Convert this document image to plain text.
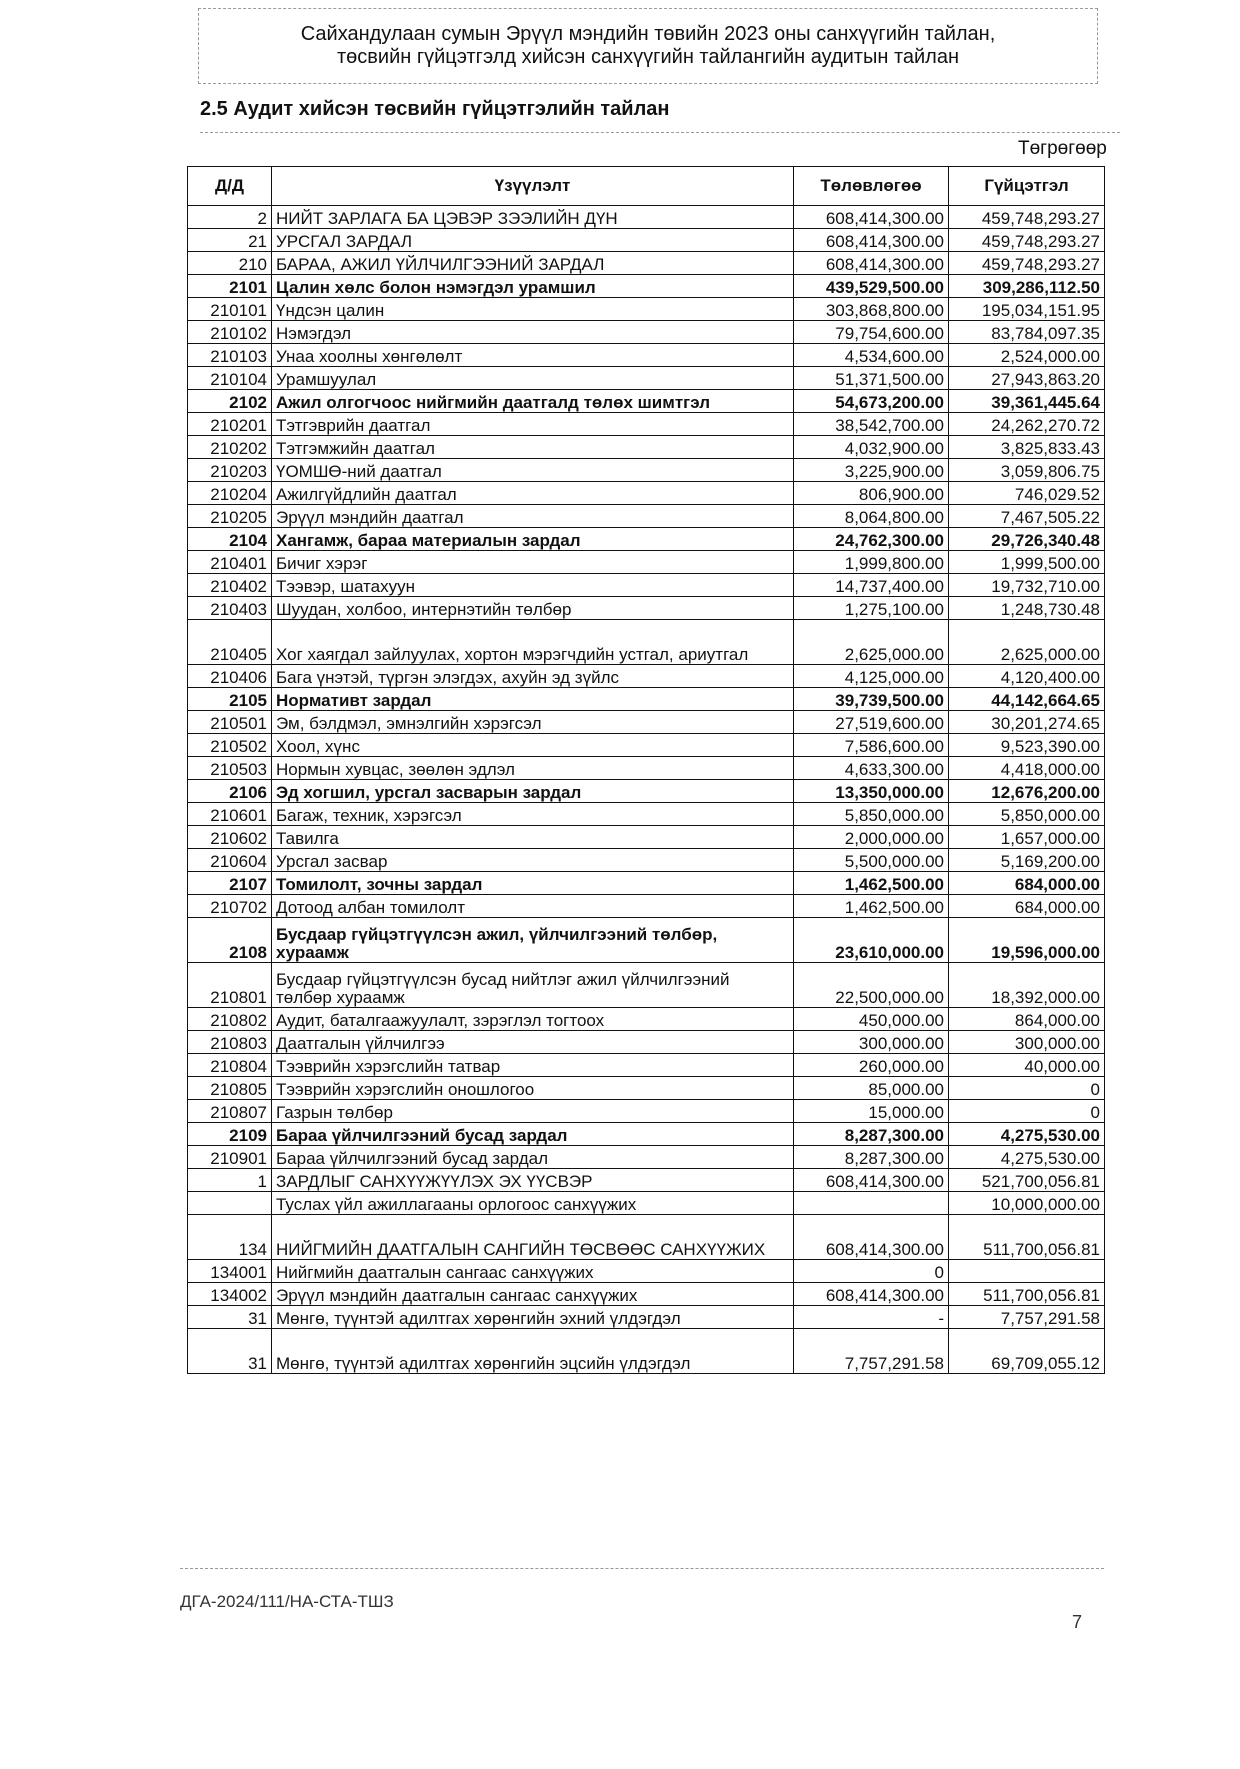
Сайхандулаан сумын Эрүүл мэндийн төвийн 2023 оны санхүүгийн тайлан,
төсвийн гүйцэтгэлд хийсэн санхүүгийн тайлангийн аудитын тайлан
2.5 Аудит хийсэн төсвийн гүйцэтгэлийн тайлан
Төгрөгөөр
Д/Д	Үзүүлэлт	Төлөвлөгөө	Гүйцэтгэл
2	НИЙТ ЗАРЛАГА БА ЦЭВЭР ЗЭЭЛИЙН ДҮН	608,414,300.00	459,748,293.27
21	УРСГАЛ ЗАРДАЛ	608,414,300.00	459,748,293.27
210	БАРАА, АЖИЛ ҮЙЛЧИЛГЭЭНИЙ ЗАРДАЛ	608,414,300.00	459,748,293.27
2101	Цалин хөлс болон нэмэгдэл урамшил	439,529,500.00	309,286,112.50
210101	Үндсэн цалин	303,868,800.00	195,034,151.95
210102	Нэмэгдэл	79,754,600.00	83,784,097.35
210103	Унаа хоолны хөнгөлөлт	4,534,600.00	2,524,000.00
210104	Урамшуулал	51,371,500.00	27,943,863.20
2102	Ажил олгогчоос нийгмийн даатгалд төлөх шимтгэл	54,673,200.00	39,361,445.64
210201	Тэтгэврийн даатгал	38,542,700.00	24,262,270.72
210202	Тэтгэмжийн даатгал	4,032,900.00	3,825,833.43
210203	ҮОМШӨ-ний даатгал	3,225,900.00	3,059,806.75
210204	Ажилгүйдлийн даатгал	806,900.00	746,029.52
210205	Эрүүл мэндийн даатгал	8,064,800.00	7,467,505.22
2104	Хангамж, бараа материалын зардал	24,762,300.00	29,726,340.48
210401	Бичиг хэрэг	1,999,800.00	1,999,500.00
210402	Тээвэр, шатахуун	14,737,400.00	19,732,710.00
210403	Шуудан, холбоо, интернэтийн төлбөр	1,275,100.00	1,248,730.48
210405	Хог хаягдал зайлуулах, хортон мэрэгчдийн устгал, ариутгал	2,625,000.00	2,625,000.00
210406	Бага үнэтэй, түргэн элэгдэх, ахуйн эд зүйлс	4,125,000.00	4,120,400.00
2105	Нормативт зардал	39,739,500.00	44,142,664.65
210501	Эм, бэлдмэл, эмнэлгийн хэрэгсэл	27,519,600.00	30,201,274.65
210502	Хоол, хүнс	7,586,600.00	9,523,390.00
210503	Нормын хувцас, зөөлөн эдлэл	4,633,300.00	4,418,000.00
2106	Эд хогшил, урсгал засварын зардал	13,350,000.00	12,676,200.00
210601	Багаж, техник, хэрэгсэл	5,850,000.00	5,850,000.00
210602	Тавилга	2,000,000.00	1,657,000.00
210604	Урсгал засвар	5,500,000.00	5,169,200.00
2107	Томилолт, зочны зардал	1,462,500.00	684,000.00
210702	Дотоод албан томилолт	1,462,500.00	684,000.00
2108	Бусдаар гүйцэтгүүлсэн ажил, үйлчилгээний төлбөр, хураамж	23,610,000.00	19,596,000.00
210801	Бусдаар гүйцэтгүүлсэн бусад нийтлэг ажил үйлчилгээний төлбөр хураамж	22,500,000.00	18,392,000.00
210802	Аудит, баталгаажуулалт, зэрэглэл тогтоох	450,000.00	864,000.00
210803	Даатгалын үйлчилгээ	300,000.00	300,000.00
210804	Тээврийн хэрэгслийн татвар	260,000.00	40,000.00
210805	Тээврийн хэрэгслийн оношлогоо	85,000.00	0
210807	Газрын төлбөр	15,000.00	0
2109	Бараа үйлчилгээний бусад зардал	8,287,300.00	4,275,530.00
210901	Бараа үйлчилгээний бусад зардал	8,287,300.00	4,275,530.00
1	ЗАРДЛЫГ САНХҮҮЖҮҮЛЭХ ЭХ ҮҮСВЭР	608,414,300.00	521,700,056.81
	Туслах үйл ажиллагааны орлогоос санхүүжих		10,000,000.00
134	НИЙГМИЙН ДААТГАЛЫН САНГИЙН ТӨСВӨӨС САНХҮҮЖИХ	608,414,300.00	511,700,056.81
134001	Нийгмийн даатгалын сангаас санхүүжих	0	
134002	Эрүүл мэндийн даатгалын сангаас санхүүжих	608,414,300.00	511,700,056.81
31	Мөнгө, түүнтэй адилтгах хөрөнгийн эхний үлдэгдэл	-	7,757,291.58
31	Мөнгө, түүнтэй адилтгах хөрөнгийн эцсийн үлдэгдэл	7,757,291.58	69,709,055.12
ДГА-2024/111/НА-СТА-ТШЗ
7
